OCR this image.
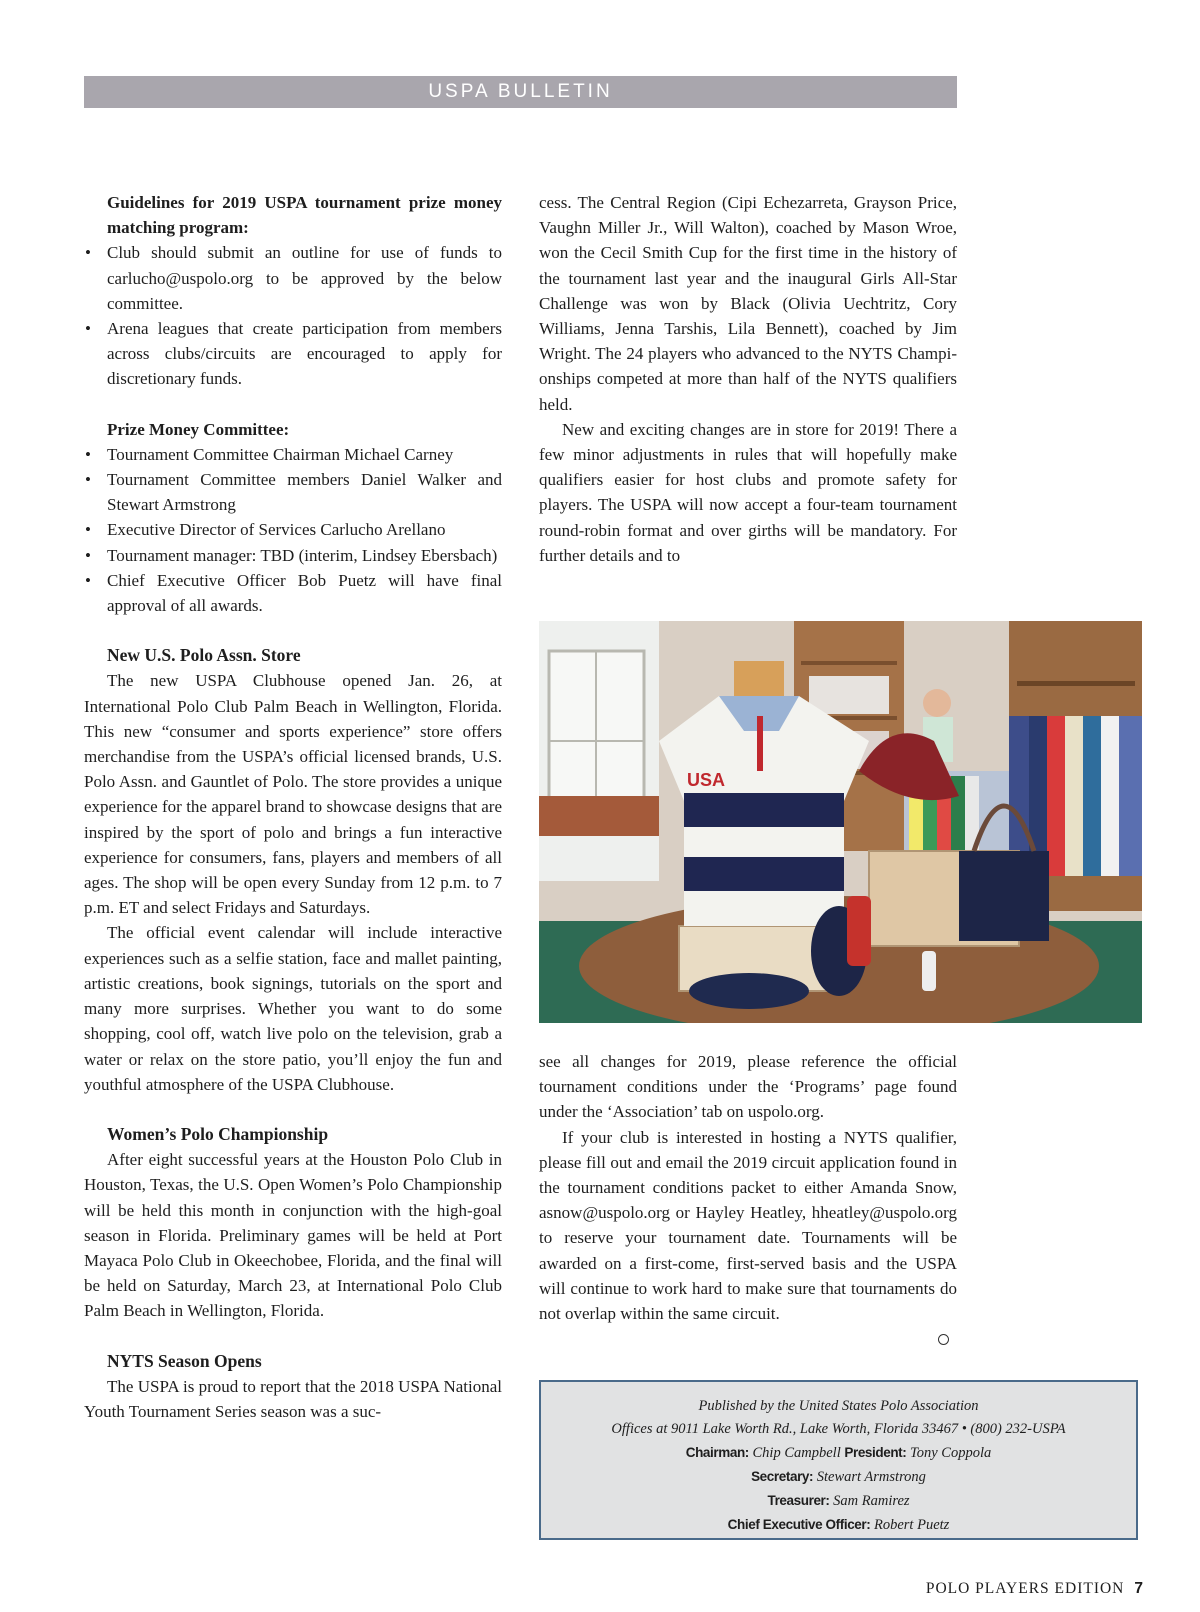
USPA BULLETIN

Guidelines for 2019 USPA tournament prize money matching program:

• Club should submit an outline for use of funds to carlucho@uspolo.org to be approved by the below committee.
• Arena leagues that create participation from members across clubs/circuits are encouraged to apply for discretionary funds.

Prize Money Committee:

• Tournament Committee Chairman Michael Carney
• Tournament Committee members Daniel Walker and Stewart Armstrong
• Executive Director of Services Carlucho Arellano
• Tournament manager: TBD (interim, Lindsey Ebersbach)
• Chief Executive Officer Bob Puetz will have final approval of all awards.
New U.S. Polo Assn. Store

The new USPA Clubhouse opened Jan. 26, at International Polo Club Palm Beach in Wellington, Florida. This new “consumer and sports experience” store offers merchandise from the USPA’s official licensed brands, U.S. Polo Assn. and Gauntlet of Polo. The store provides a unique experience for the apparel brand to showcase designs that are inspired by the sport of polo and brings a fun interactive experience for consumers, fans, players and members of all ages. The shop will be open every Sunday from 12 p.m. to 7 p.m. ET and select Fridays and Saturdays.

The official event calendar will include interactive experiences such as a selfie station, face and mallet painting, artistic creations, book signings, tutorials on the sport and many more surprises. Whether you want to do some shopping, cool off, watch live polo on the television, grab a water or relax on the store patio, you’ll enjoy the fun and youthful atmosphere of the USPA Clubhouse.

Women’s Polo Championship

After eight successful years at the Houston Polo Club in Houston, Texas, the U.S. Open Women’s Polo Championship will be held this month in conjunction with the high-goal season in Florida. Preliminary games will be held at Port Mayaca Polo Club in Okeechobee, Florida, and the final will be held on Saturday, March 23, at International Polo Club Palm Beach in Wellington, Florida.

NYTS Season Opens

The USPA is proud to report that the 2018 USPA National Youth Tournament Series season was a suc-

cess. The Central Region (Cipi Echezarreta, Grayson Price, Vaughn Miller Jr., Will Walton), coached by Mason Wroe, won the Cecil Smith Cup for the first time in the history of the tournament last year and the inaugural Girls All-Star Challenge was won by Black (Olivia Uechtritz, Cory Williams, Jenna Tarshis, Lila Bennett), coached by Jim Wright. The 24 players who advanced to the NYTS Championships competed at more than half of the NYTS qualifiers held.

New and exciting changes are in store for 2019! There a few minor adjustments in rules that will hopefully make qualifiers easier for host clubs and promote safety for players. The USPA will now accept a four-team tournament round-robin format and over girths will be mandatory. For further details and to

USA

see all changes for 2019, please reference the official tournament conditions under the ‘Programs’ page found under the ‘Association’ tab on uspolo.org.

If your club is interested in hosting a NYTS qualifier, please fill out and email the 2019 circuit application found in the tournament conditions packet to either Amanda Snow, asnow@uspolo.org or Hayley Heatley, hheatley@uspolo.org to reserve your tournament date. Tournaments will be awarded on a first-come, first-served basis and the USPA will continue to work hard to make sure that tournaments do not overlap within the same circuit.

Published by the United States Polo Association
Offices at 9011 Lake Worth Rd., Lake Worth, Florida 33467 • (800) 232-USPA
Chairman: Chip Campbell President: Tony Coppola
Secretary: Stewart Armstrong
Treasurer: Sam Ramirez
Chief Executive Officer: Robert Puetz
POLO PLAYERS EDITION 7
